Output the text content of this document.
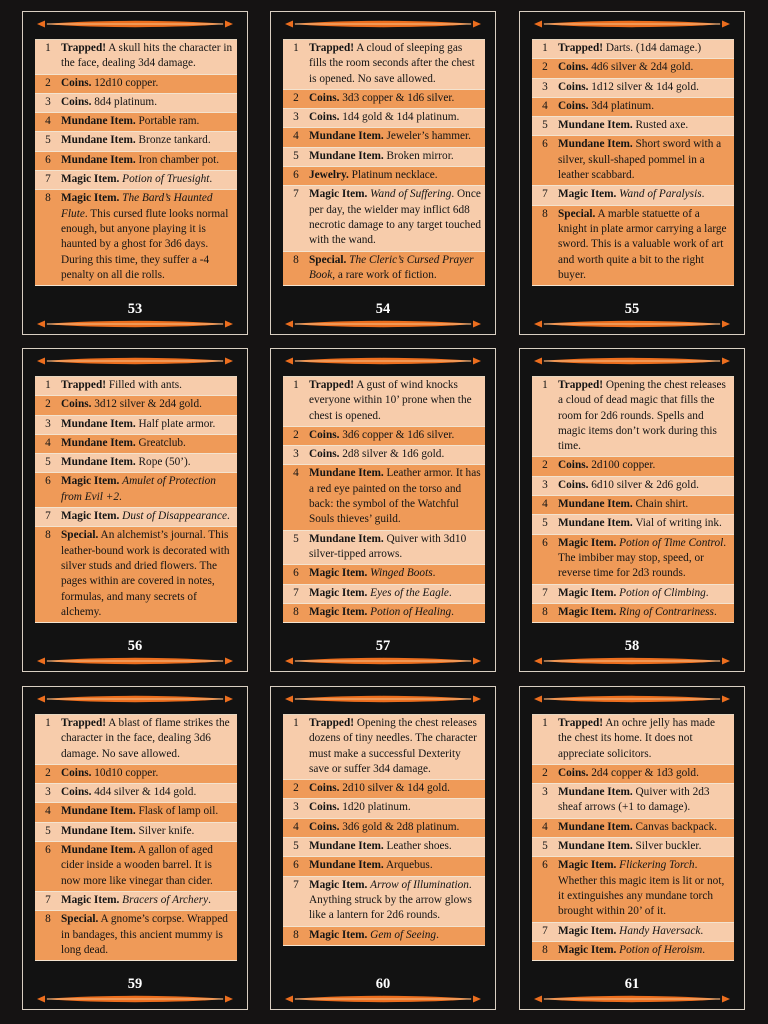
1 Trapped! A skull hits the character in the face, dealing 3d4 damage.
2 Coins. 12d10 copper.
3 Coins. 8d4 platinum.
4 Mundane Item. Portable ram.
5 Mundane Item. Bronze tankard.
6 Mundane Item. Iron chamber pot.
7 Magic Item. Potion of Truesight.
8 Magic Item. The Bard’s Haunted Flute. This cursed flute looks normal enough, but anyone playing it is haunted by a ghost for 3d6 days. During this time, they suffer a -4 penalty on all die rolls.
53
1 Trapped! A cloud of sleeping gas fills the room seconds after the chest is opened. No save allowed.
2 Coins. 3d3 copper & 1d6 silver.
3 Coins. 1d4 gold & 1d4 platinum.
4 Mundane Item. Jeweler’s hammer.
5 Mundane Item. Broken mirror.
6 Jewelry. Platinum necklace.
7 Magic Item. Wand of Suffering. Once per day, the wielder may inflict 6d8 necrotic damage to any target touched with the wand.
8 Special. The Cleric’s Cursed Prayer Book, a rare work of fiction.
54
1 Trapped! Darts. (1d4 damage.)
2 Coins. 4d6 silver & 2d4 gold.
3 Coins. 1d12 silver & 1d4 gold.
4 Coins. 3d4 platinum.
5 Mundane Item. Rusted axe.
6 Mundane Item. Short sword with a silver, skull-shaped pommel in a leather scabbard.
7 Magic Item. Wand of Paralysis.
8 Special. A marble statuette of a knight in plate armor carrying a large sword. This is a valuable work of art and worth quite a bit to the right buyer.
55
1 Trapped! Filled with ants.
2 Coins. 3d12 silver & 2d4 gold.
3 Mundane Item. Half plate armor.
4 Mundane Item. Greatclub.
5 Mundane Item. Rope (50’).
6 Magic Item. Amulet of Protection from Evil +2.
7 Magic Item. Dust of Disappearance.
8 Special. An alchemist’s journal. This leather-bound work is decorated with silver studs and dried flowers. The pages within are covered in notes, formulas, and many secrets of alchemy.
56
1 Trapped! A gust of wind knocks everyone within 10’ prone when the chest is opened.
2 Coins. 3d6 copper & 1d6 silver.
3 Coins. 2d8 silver & 1d6 gold.
4 Mundane Item. Leather armor. It has a red eye painted on the torso and back: the symbol of the Watchful Souls thieves’ guild.
5 Mundane Item. Quiver with 3d10 silver-tipped arrows.
6 Magic Item. Winged Boots.
7 Magic Item. Eyes of the Eagle.
8 Magic Item. Potion of Healing.
57
1 Trapped! Opening the chest releases a cloud of dead magic that fills the room for 2d6 rounds. Spells and magic items don’t work during this time.
2 Coins. 2d100 copper.
3 Coins. 6d10 silver & 2d6 gold.
4 Mundane Item. Chain shirt.
5 Mundane Item. Vial of writing ink.
6 Magic Item. Potion of Time Control. The imbiber may stop, speed, or reverse time for 2d3 rounds.
7 Magic Item. Potion of Climbing.
8 Magic Item. Ring of Contrariness.
58
1 Trapped! A blast of flame strikes the character in the face, dealing 3d6 damage. No save allowed.
2 Coins. 10d10 copper.
3 Coins. 4d4 silver & 1d4 gold.
4 Mundane Item. Flask of lamp oil.
5 Mundane Item. Silver knife.
6 Mundane Item. A gallon of aged cider inside a wooden barrel. It is now more like vinegar than cider.
7 Magic Item. Bracers of Archery.
8 Special. A gnome’s corpse. Wrapped in bandages, this ancient mummy is long dead.
59
1 Trapped! Opening the chest releases dozens of tiny needles. The character must make a successful Dexterity save or suffer 3d4 damage.
2 Coins. 2d10 silver & 1d4 gold.
3 Coins. 1d20 platinum.
4 Coins. 3d6 gold & 2d8 platinum.
5 Mundane Item. Leather shoes.
6 Mundane Item. Arquebus.
7 Magic Item. Arrow of Illumination. Anything struck by the arrow glows like a lantern for 2d6 rounds.
8 Magic Item. Gem of Seeing.
60
1 Trapped! An ochre jelly has made the chest its home. It does not appreciate solicitors.
2 Coins. 2d4 copper & 1d3 gold.
3 Mundane Item. Quiver with 2d3 sheaf arrows (+1 to damage).
4 Mundane Item. Canvas backpack.
5 Mundane Item. Silver buckler.
6 Magic Item. Flickering Torch. Whether this magic item is lit or not, it extinguishes any mundane torch brought within 20’ of it.
7 Magic Item. Handy Haversack.
8 Magic Item. Potion of Heroism.
61
